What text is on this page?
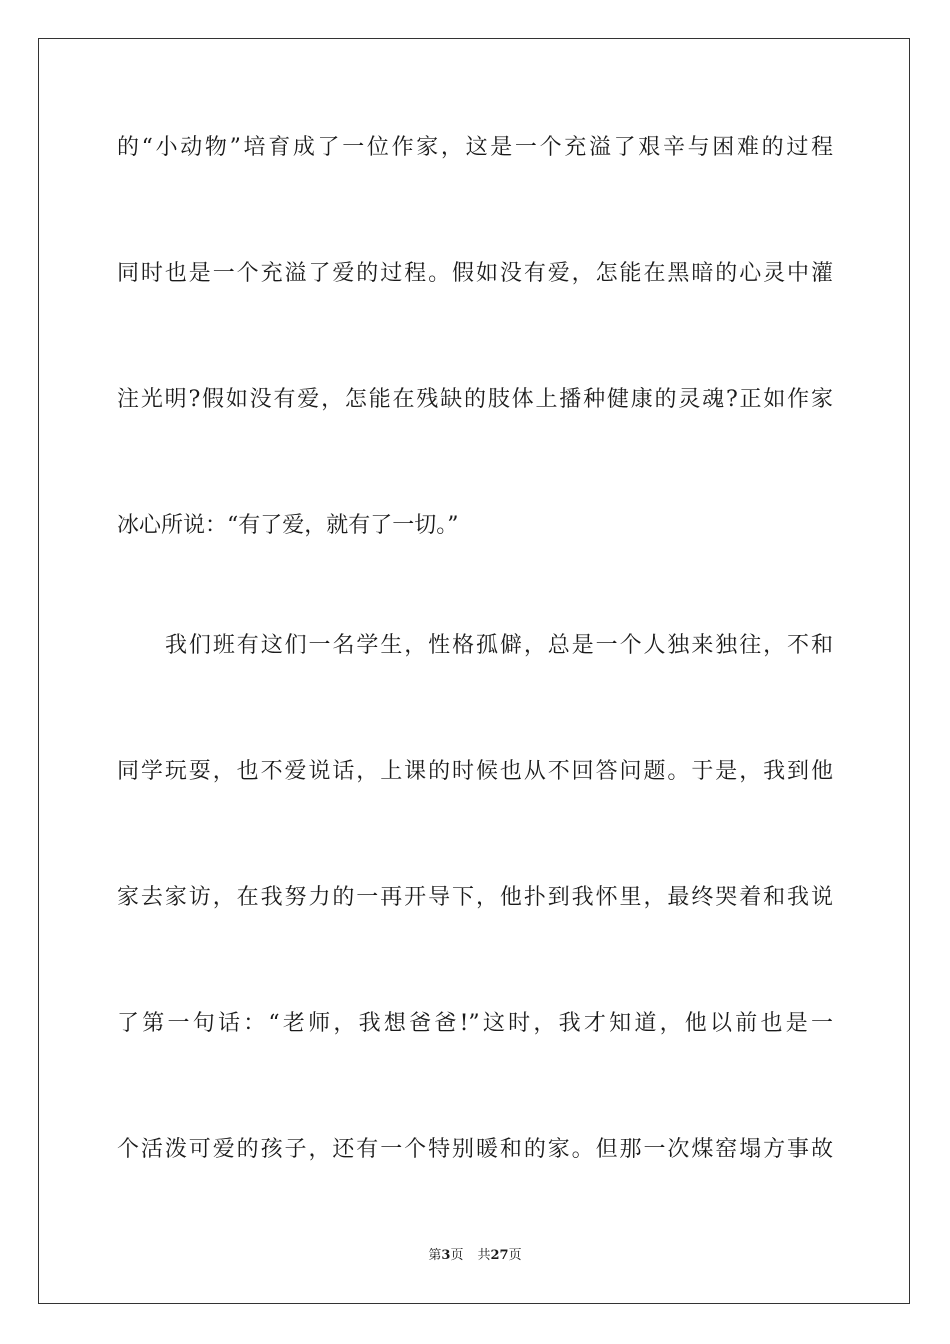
的“小动物”培育成了一位作家，这是一个充溢了艰辛与困难的过程
同时也是一个充溢了爱的过程。假如没有爱，怎能在黑暗的心灵中灌
注光明?假如没有爱，怎能在残缺的肢体上播种健康的灵魂?正如作家
冰心所说：“有了爱，就有了一切。”
我们班有这们一名学生，性格孤僻，总是一个人独来独往，不和
同学玩耍，也不爱说话，上课的时候也从不回答问题。于是，我到他
家去家访，在我努力的一再开导下，他扑到我怀里，最终哭着和我说
了第一句话：“老师，我想爸爸!”这时，我才知道，他以前也是一
个活泼可爱的孩子，还有一个特别暖和的家。但那一次煤窑塌方事故
第3页 共27页
